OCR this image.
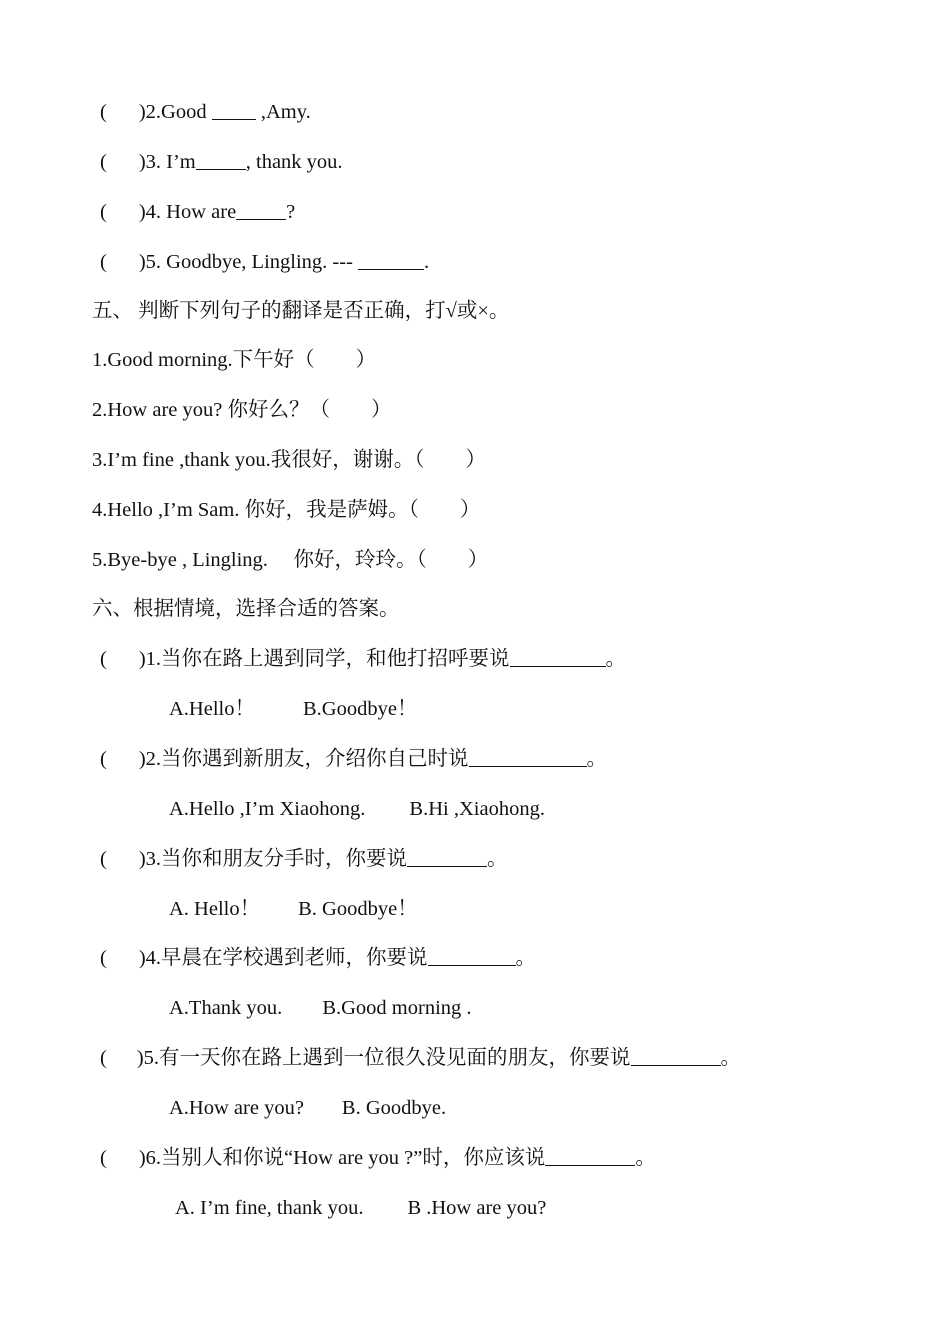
( )2.Good  ,Amy.
( )3. I’m , thank you.
( )4. How are ?
( )5. Goodbye, Lingling. ---	.
五、 判断下列句子的翻译是否正确，打√或×。
1.Good morning.下午好（　　）
2.How are you? 你好么？（　　）
3.I’m fine ,thank you.我很好，谢谢。（　　）
4.Hello ,I’m Sam. 你好，我是萨姆。（　　）
5.Bye-bye , Lingling.　 你好，玲玲。（　　）
六、根据情境，选择合适的答案。
( )1.当你在路上遇到同学，和他打招呼要说	。
A.Hello！ B.Goodbye！
( )2.当你遇到新朋友，介绍你自己时说	。
A.Hello ,I’m Xiaohong. B.Hi ,Xiaohong.
( )3.当你和朋友分手时，你要说	。
A. Hello！ B. Goodbye！
( )4.早晨在学校遇到老师，你要说	。
A.Thank you. B.Good morning .
( )5.有一天你在路上遇到一位很久没见面的朋友，你要说	。
A.How are you? B. Goodbye.
( )6.当别人和你说“How are you ?”时，你应该说	。
A. I’m fine, thank you. B .How are you?
